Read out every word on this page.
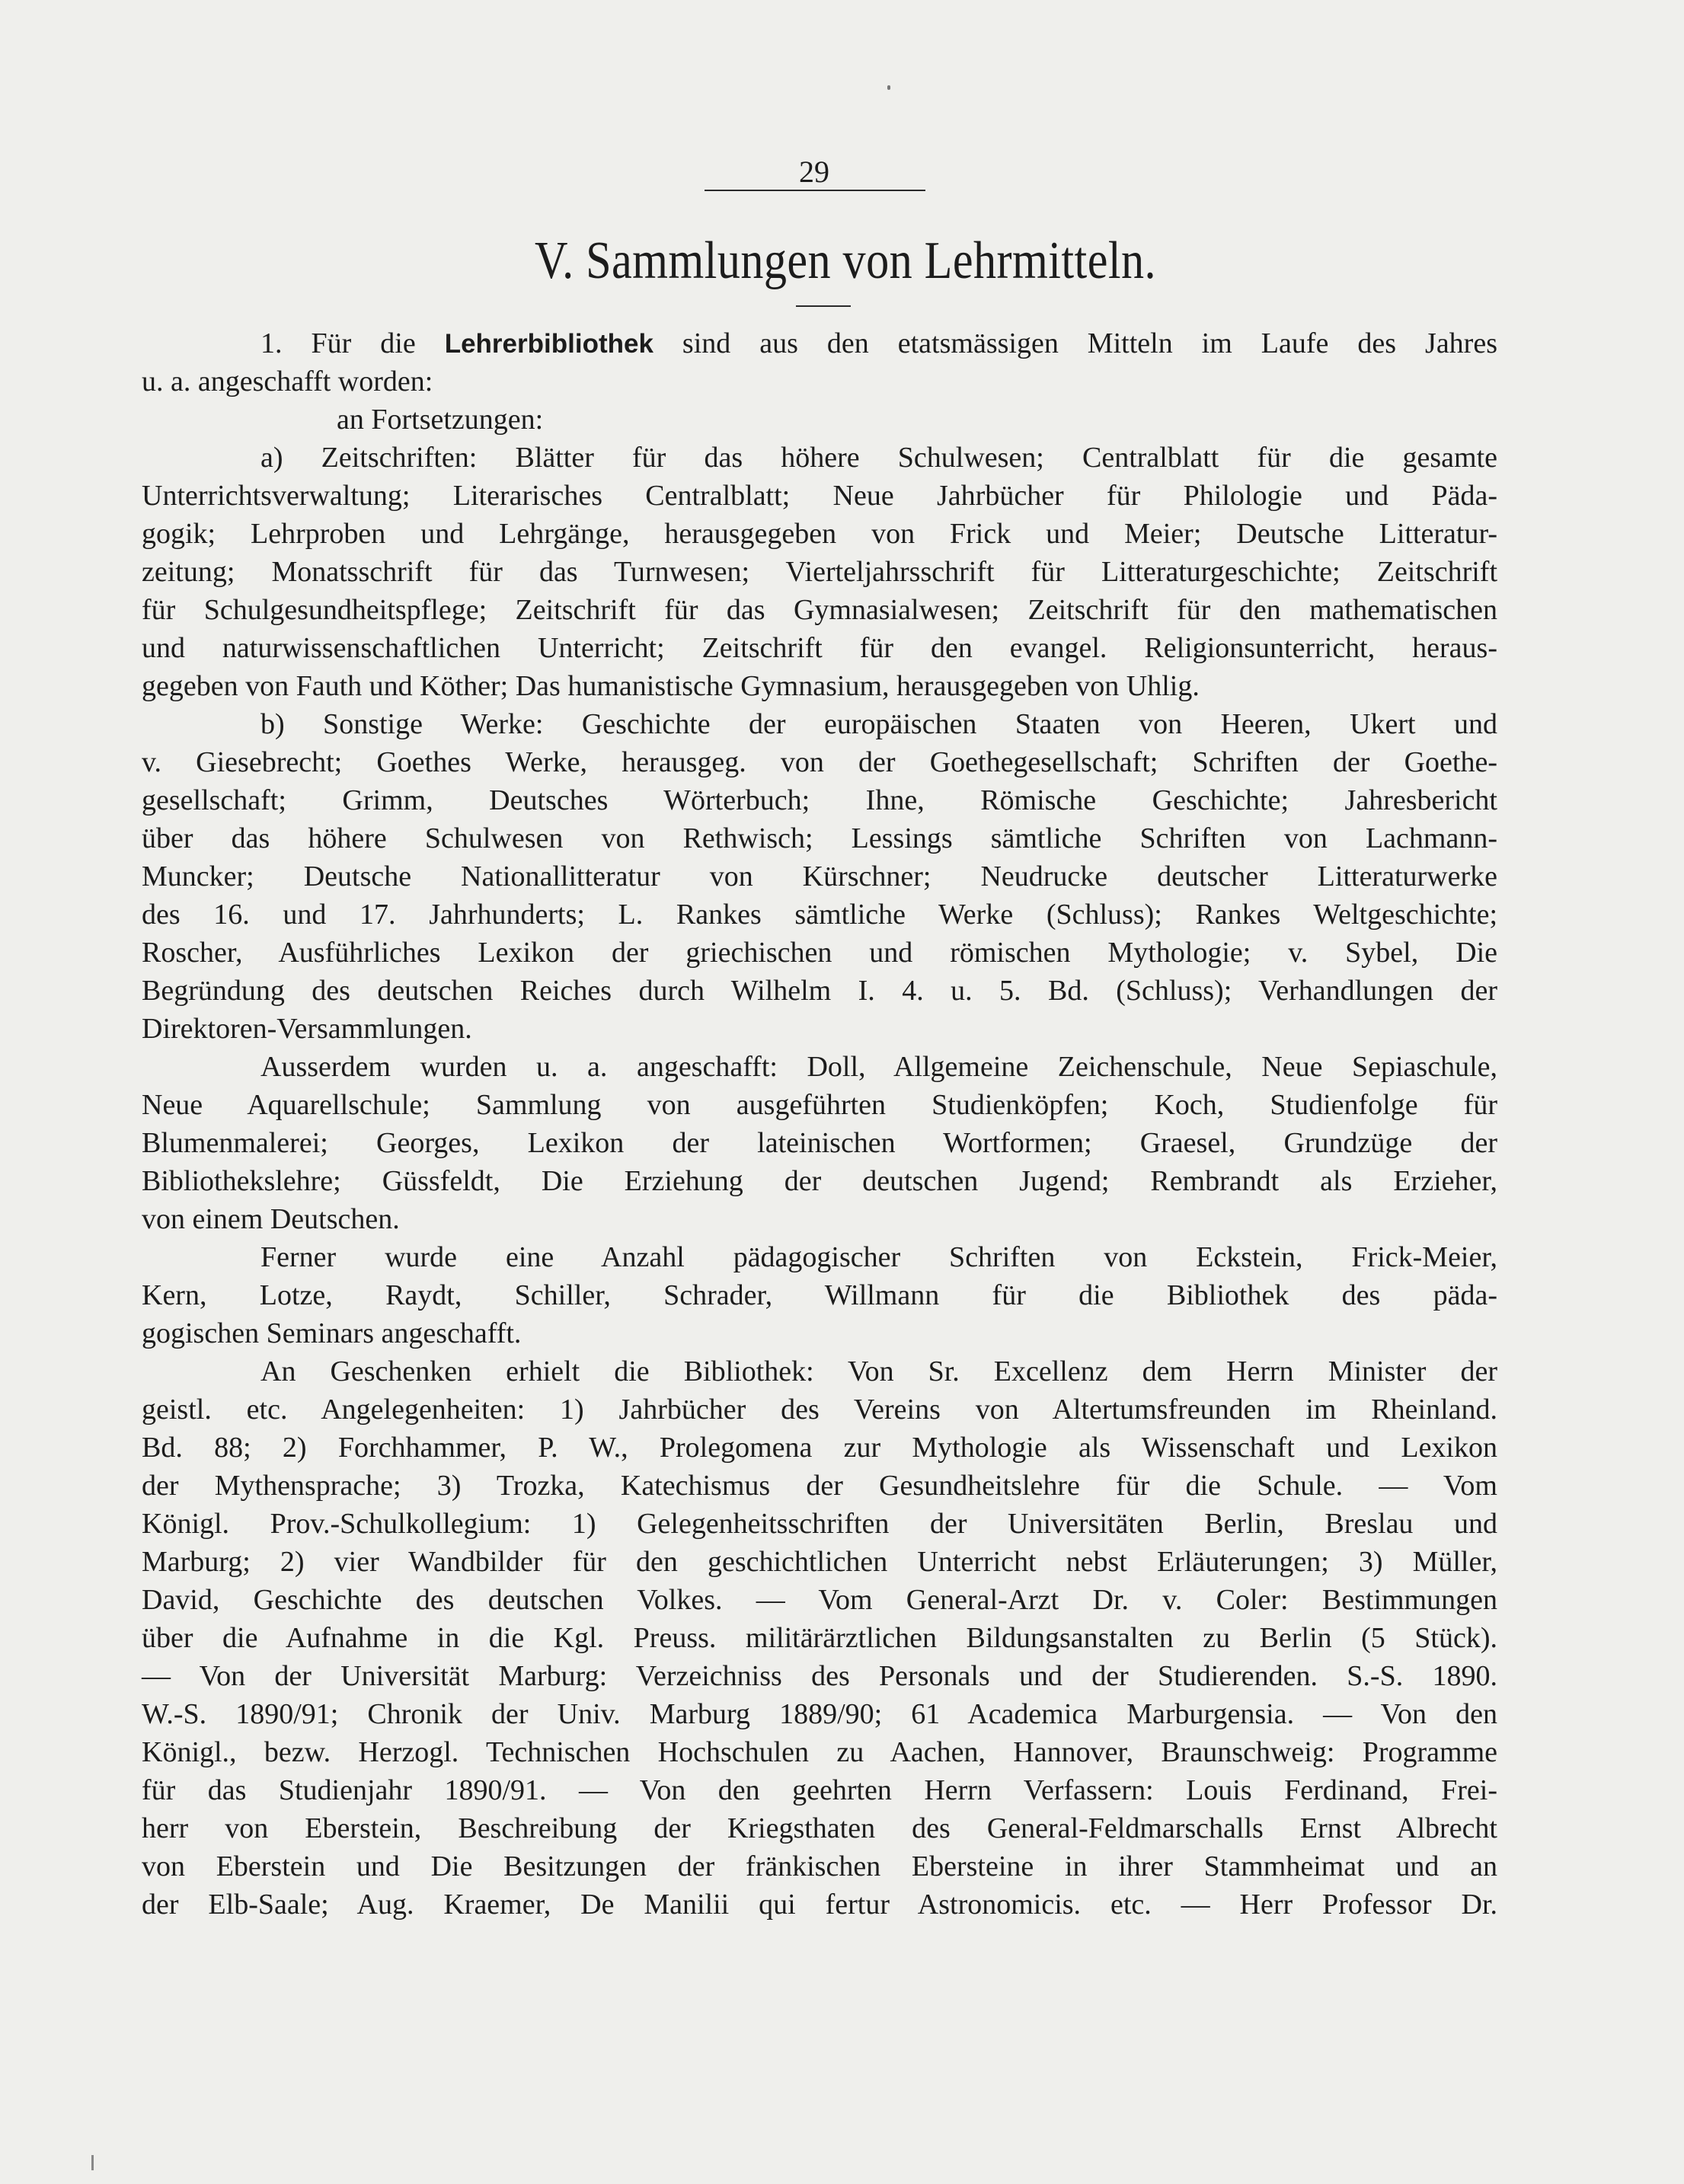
29
V. Sammlungen von Lehrmitteln.
1. Für die Lehrerbibliothek sind aus den etatsmässigen Mitteln im Laufe des Jahres
u. a. angeschafft worden:
an Fortsetzungen:
a) Zeitschriften: Blätter für das höhere Schulwesen; Centralblatt für die gesamte
Unterrichtsverwaltung; Literarisches Centralblatt; Neue Jahrbücher für Philologie und Päda-
gogik; Lehrproben und Lehrgänge, herausgegeben von Frick und Meier; Deutsche Litteratur-
zeitung; Monatsschrift für das Turnwesen; Vierteljahrsschrift für Litteraturgeschichte; Zeitschrift
für Schulgesundheitspflege; Zeitschrift für das Gymnasialwesen; Zeitschrift für den mathematischen
und naturwissenschaftlichen Unterricht; Zeitschrift für den evangel. Religionsunterricht, heraus-
gegeben von Fauth und Köther; Das humanistische Gymnasium, herausgegeben von Uhlig.
b) Sonstige Werke: Geschichte der europäischen Staaten von Heeren, Ukert und
v. Giesebrecht; Goethes Werke, herausgeg. von der Goethegesellschaft; Schriften der Goethe-
gesellschaft; Grimm, Deutsches Wörterbuch; Ihne, Römische Geschichte; Jahresbericht
über das höhere Schulwesen von Rethwisch; Lessings sämtliche Schriften von Lachmann-
Muncker; Deutsche Nationallitteratur von Kürschner; Neudrucke deutscher Litteraturwerke
des 16. und 17. Jahrhunderts; L. Rankes sämtliche Werke (Schluss); Rankes Weltgeschichte;
Roscher, Ausführliches Lexikon der griechischen und römischen Mythologie; v. Sybel, Die
Begründung des deutschen Reiches durch Wilhelm I. 4. u. 5. Bd. (Schluss); Verhandlungen der
Direktoren-Versammlungen.
Ausserdem wurden u. a. angeschafft: Doll, Allgemeine Zeichenschule, Neue Sepiaschule,
Neue Aquarellschule; Sammlung von ausgeführten Studienköpfen; Koch, Studienfolge für
Blumenmalerei; Georges, Lexikon der lateinischen Wortformen; Graesel, Grundzüge der
Bibliothekslehre; Güssfeldt, Die Erziehung der deutschen Jugend; Rembrandt als Erzieher,
von einem Deutschen.
Ferner wurde eine Anzahl pädagogischer Schriften von Eckstein, Frick-Meier,
Kern, Lotze, Raydt, Schiller, Schrader, Willmann für die Bibliothek des päda-
gogischen Seminars angeschafft.
An Geschenken erhielt die Bibliothek: Von Sr. Excellenz dem Herrn Minister der
geistl. etc. Angelegenheiten: 1) Jahrbücher des Vereins von Altertumsfreunden im Rheinland.
Bd. 88; 2) Forchhammer, P. W., Prolegomena zur Mythologie als Wissenschaft und Lexikon
der Mythensprache; 3) Trozka, Katechismus der Gesundheitslehre für die Schule. — Vom
Königl. Prov.-Schulkollegium: 1) Gelegenheitsschriften der Universitäten Berlin, Breslau und
Marburg; 2) vier Wandbilder für den geschichtlichen Unterricht nebst Erläuterungen; 3) Müller,
David, Geschichte des deutschen Volkes. — Vom General-Arzt Dr. v. Coler: Bestimmungen
über die Aufnahme in die Kgl. Preuss. militärärztlichen Bildungsanstalten zu Berlin (5 Stück).
— Von der Universität Marburg: Verzeichniss des Personals und der Studierenden. S.-S. 1890.
W.-S. 1890/91; Chronik der Univ. Marburg 1889/90; 61 Academica Marburgensia. — Von den
Königl., bezw. Herzogl. Technischen Hochschulen zu Aachen, Hannover, Braunschweig: Programme
für das Studienjahr 1890/91. — Von den geehrten Herrn Verfassern: Louis Ferdinand, Frei-
herr von Eberstein, Beschreibung der Kriegsthaten des General-Feldmarschalls Ernst Albrecht
von Eberstein und Die Besitzungen der fränkischen Ebersteine in ihrer Stammheimat und an
der Elb-Saale; Aug. Kraemer, De Manilii qui fertur Astronomicis. etc. — Herr Professor Dr.
